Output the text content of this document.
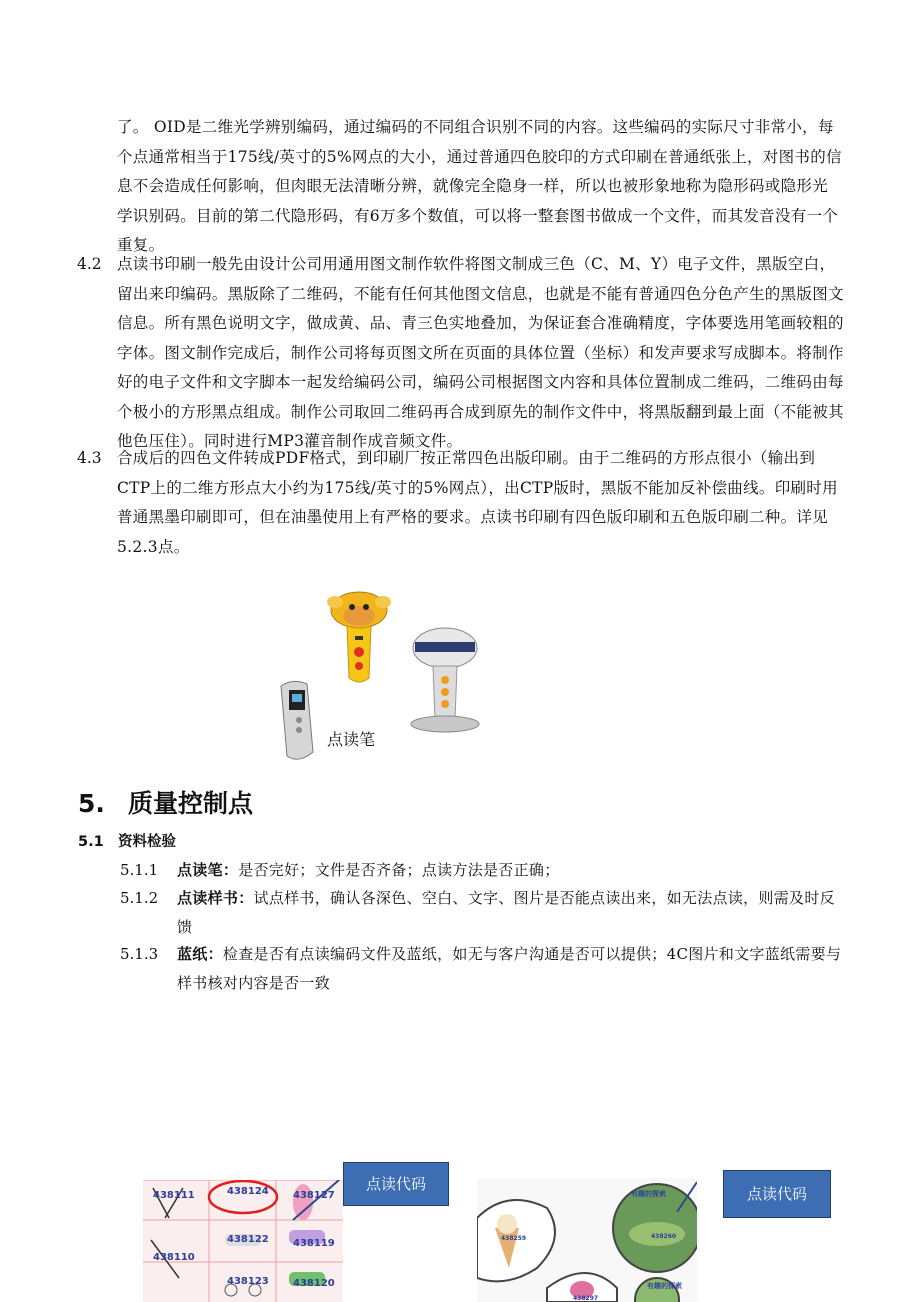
了。 OID是二维光学辨别编码，通过编码的不同组合识别不同的内容。这些编码的实际尺寸非常小，每个点通常相当于175线/英寸的5%网点的大小，通过普通四色胶印的方式印刷在普通纸张上，对图书的信息不会造成任何影响，但肉眼无法清晰分辨，就像完全隐身一样，所以也被形象地称为隐形码或隐形光学识别码。目前的第二代隐形码，有6万多个数值，可以将一整套图书做成一个文件，而其发音没有一个重复。
4.2 点读书印刷一般先由设计公司用通用图文制作软件将图文制成三色（C、M、Y）电子文件，黑版空白，留出来印编码。黑版除了二维码，不能有任何其他图文信息，也就是不能有普通四色分色产生的黑版图文信息。所有黑色说明文字，做成黄、品、青三色实地叠加，为保证套合准确精度，字体要选用笔画较粗的字体。图文制作完成后，制作公司将每页图文所在页面的具体位置（坐标）和发声要求写成脚本。将制作好的电子文件和文字脚本一起发给编码公司，编码公司根据图文内容和具体位置制成二维码，二维码由每个极小的方形黑点组成。制作公司取回二维码再合成到原先的制作文件中，将黑版翻到最上面（不能被其他色压住）。同时进行MP3灌音制作成音频文件。
4.3 合成后的四色文件转成PDF格式，到印刷厂按正常四色出版印刷。由于二维码的方形点很小（输出到CTP上的二维方形点大小约为175线/英寸的5%网点），出CTP版时，黑版不能加反补偿曲线。印刷时用普通黑墨印刷即可，但在油墨使用上有严格的要求。点读书印刷有四色版印刷和五色版印刷二种。详见5.2.3点。
点读笔
5. 质量控制点
5.1 资料检验
5.1.1 点读笔：是否完好；文件是否齐备；点读方法是否正确；
5.1.2 点读样书：试点样书，确认各深色、空白、文字、图片是否能点读出来，如无法点读，则需及时反馈
5.1.3 蓝纸：检查是否有点读编码文件及蓝纸，如无与客户沟通是否可以提供；4C图片和文字蓝纸需要与样书核对内容是否一致
438111	438124 438127
438110
438122 438119
438123 438120
点读代码
有趣的探索
有趣的探索
438260
438259
438297
点读代码
